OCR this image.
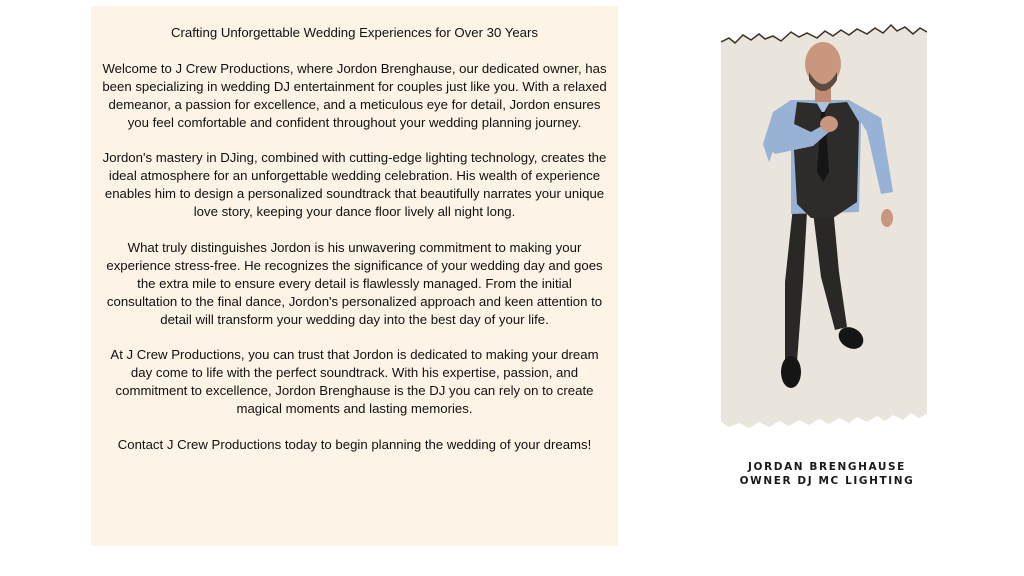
Crafting Unforgettable Wedding Experiences for Over 30 Years

Welcome to J Crew Productions, where Jordon Brenghause, our dedicated owner, has been specializing in wedding DJ entertainment for couples just like you. With a relaxed demeanor, a passion for excellence, and a meticulous eye for detail, Jordon ensures you feel comfortable and confident throughout your wedding planning journey.

Jordon's mastery in DJing, combined with cutting-edge lighting technology, creates the ideal atmosphere for an unforgettable wedding celebration. His wealth of experience enables him to design a personalized soundtrack that beautifully narrates your unique love story, keeping your dance floor lively all night long.

What truly distinguishes Jordon is his unwavering commitment to making your experience stress-free. He recognizes the significance of your wedding day and goes the extra mile to ensure every detail is flawlessly managed. From the initial consultation to the final dance, Jordon's personalized approach and keen attention to detail will transform your wedding day into the best day of your life.

At J Crew Productions, you can trust that Jordon is dedicated to making your dream day come to life with the perfect soundtrack. With his expertise, passion, and commitment to excellence, Jordon Brenghause is the DJ you can rely on to create magical moments and lasting memories.

Contact J Crew Productions today to begin planning the wedding of your dreams!

JORDAN BRENGHAUSE
OWNER DJ MC LIGHTING
